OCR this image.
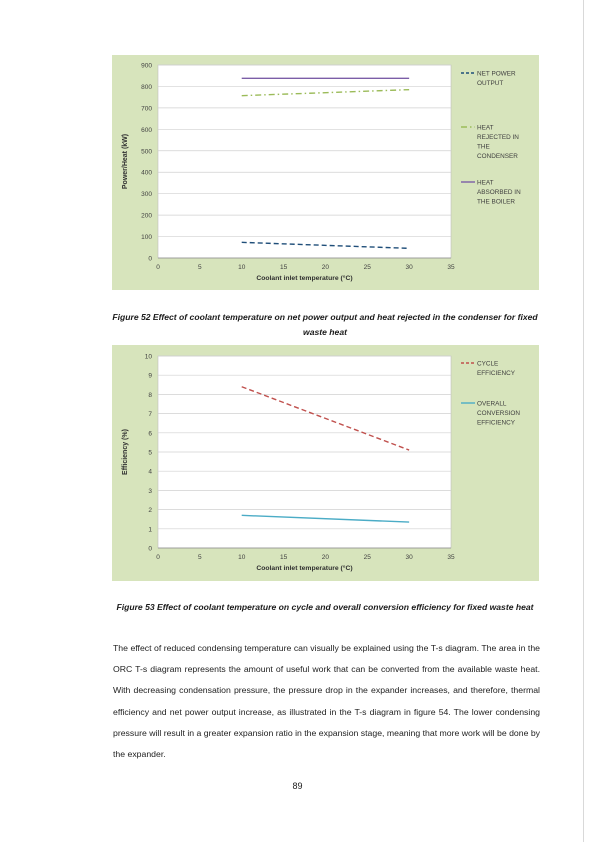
0
100
200
300
400
500
600
700
800
900
0	5	10	15	20	25	30	35
Coolant inlet temperature (°C)
Power/Heat (kW)
NET POWER OUTPUT
HEAT REJECTED IN THE CONDENSER
HEAT ABSORBED IN THE BOILER
Figure 52 Effect of coolant temperature on net power output and heat rejected in the condenser for fixed waste heat
0
1
2
3
4
5
6
7
8
9
10
0	5	10	15	20	25	30	35
Coolant inlet temperature (°C)
Efficiency (%)
CYCLE EFFICIENCY
OVERALL CONVERSION EFFICIENCY
Figure 53 Effect of coolant temperature on cycle and overall conversion efficiency for fixed waste heat
The effect of reduced condensing temperature can visually be explained using the T-s diagram. The area in the ORC T-s diagram represents the amount of useful work that can be converted from the available waste heat. With decreasing condensation pressure, the pressure drop in the expander increases, and therefore, thermal efficiency and net power output increase, as illustrated in the T-s diagram in figure 54. The lower condensing pressure will result in a greater expansion ratio in the expansion stage, meaning that more work will be done by the expander.
89
